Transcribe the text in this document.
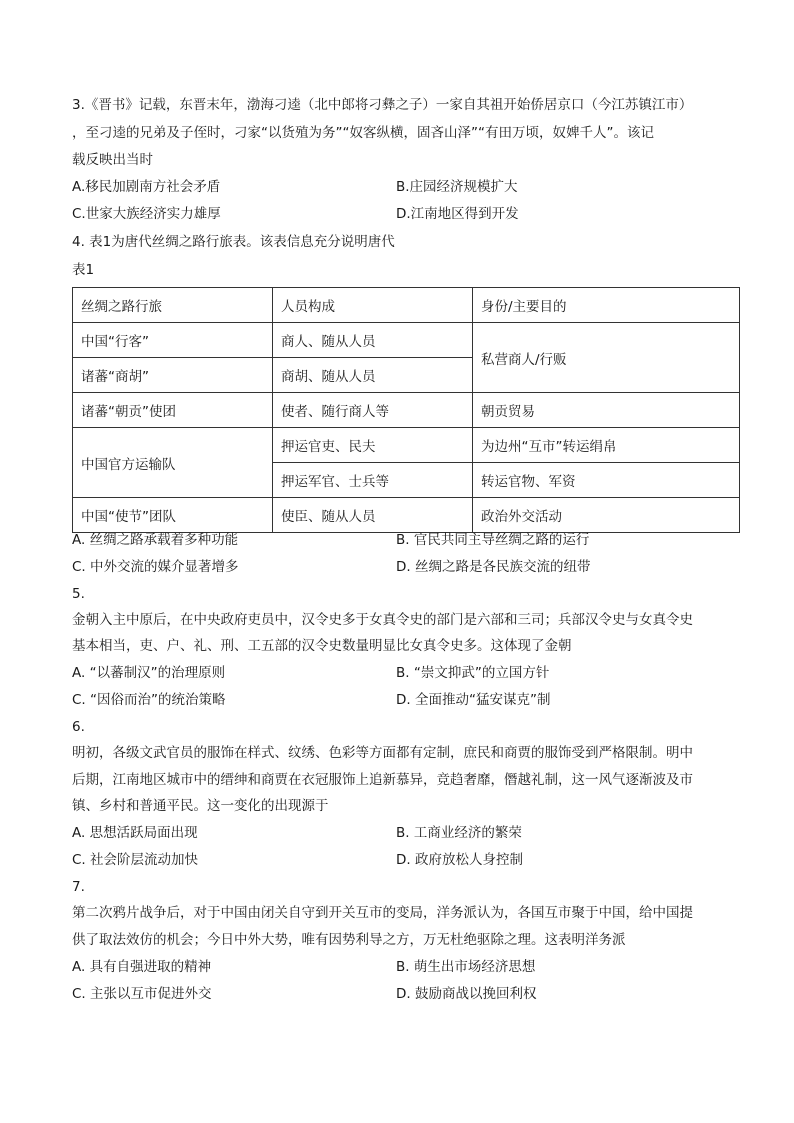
3.《晋书》记载，东晋末年，渤海刁逵（北中郎将刁彝之子）一家自其祖开始侨居京口（今江苏镇江市）
，至刁逵的兄弟及子侄时，刁家“以货殖为务”“奴客纵横，固吝山泽”“有田万顷，奴婢千人”。该记
载反映出当时
A.移民加剧南方社会矛盾	B.庄园经济规模扩大
C.世家大族经济实力雄厚	D.江南地区得到开发
4. 表1为唐代丝绸之路行旅表。该表信息充分说明唐代
表1
丝绸之路行旅	人员构成	身份/主要目的
中国“行客”	商人、随从人员	私营商人/行贩
诸蕃“商胡”	商胡、随从人员	
诸蕃“朝贡”使团	使者、随行商人等	朝贡贸易
中国官方运输队	押运官吏、民夫	为边州“互市”转运绢帛
	押运军官、士兵等	转运官物、军资
中国“使节”团队	使臣、随从人员	政治外交活动
A. 丝绸之路承载着多种功能	B. 官民共同主导丝绸之路的运行
C. 中外交流的媒介显著增多	D. 丝绸之路是各民族交流的纽带
5.
金朝入主中原后，在中央政府吏员中，汉令史多于女真令史的部门是六部和三司；兵部汉令史与女真令史
基本相当，吏、户、礼、刑、工五部的汉令史数量明显比女真令史多。这体现了金朝
A. “以蕃制汉”的治理原则	B. “崇文抑武”的立国方针
C. “因俗而治”的统治策略	D. 全面推动“猛安谋克”制
6.
明初，各级文武官员的服饰在样式、纹绣、色彩等方面都有定制，庶民和商贾的服饰受到严格限制。明中
后期，江南地区城市中的缙绅和商贾在衣冠服饰上追新慕异，竞趋奢靡，僭越礼制，这一风气逐渐波及市
镇、乡村和普通平民。这一变化的出现源于
A. 思想活跃局面出现	B. 工商业经济的繁荣
C. 社会阶层流动加快	D. 政府放松人身控制
7.
第二次鸦片战争后，对于中国由闭关自守到开关互市的变局，洋务派认为，各国互市聚于中国，给中国提
供了取法效仿的机会；今日中外大势，唯有因势利导之方，万无杜绝驱除之理。这表明洋务派
A. 具有自强进取的精神	B. 萌生出市场经济思想
C. 主张以互市促进外交	D. 鼓励商战以挽回利权
